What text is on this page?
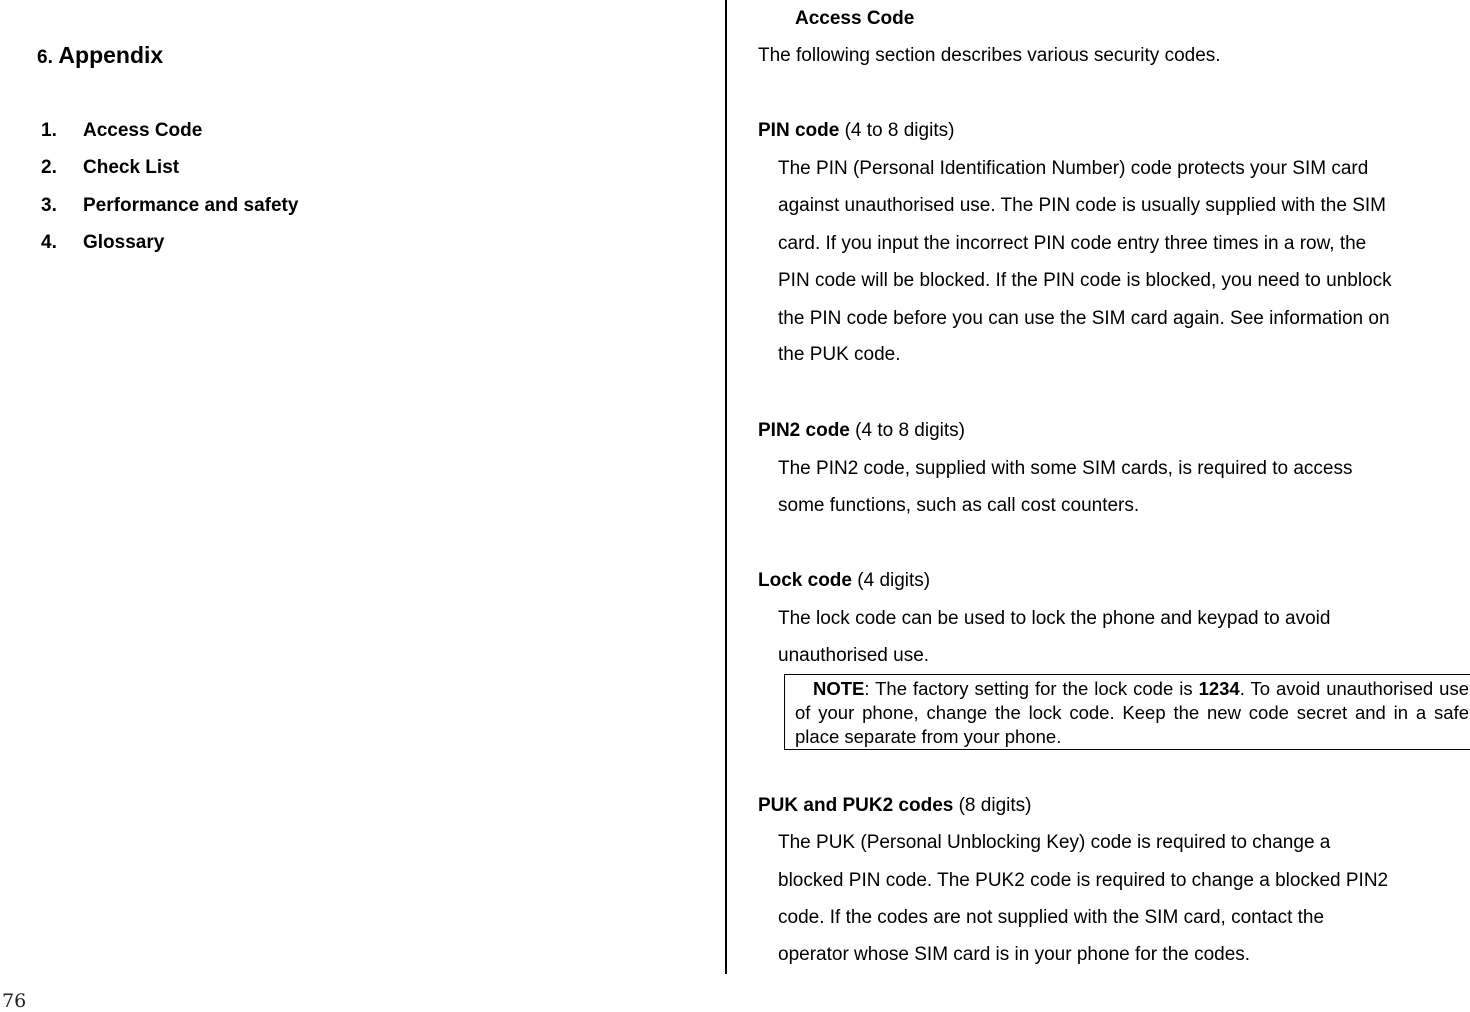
6. Appendix
1. Access Code
2. Check List
3. Performance and safety
4. Glossary
76
Access Code
The following section describes various security codes.
PIN code (4 to 8 digits)
The PIN (Personal Identification Number) code protects your SIM card
against unauthorised use. The PIN code is usually supplied with the SIM
card. If you input the incorrect PIN code entry three times in a row, the
PIN code will be blocked. If the PIN code is blocked, you need to unblock
the PIN code before you can use the SIM card again. See information on
the PUK code.
PIN2 code (4 to 8 digits)
The PIN2 code, supplied with some SIM cards, is required to access
some functions, such as call cost counters.
Lock code (4 digits)
The lock code can be used to lock the phone and keypad to avoid
unauthorised use.
NOTE: The factory setting for the lock code is 1234. To avoid unauthorised use of your phone, change the lock code. Keep the new code secret and in a safe place separate from your phone.
PUK and PUK2 codes (8 digits)
The PUK (Personal Unblocking Key) code is required to change a
blocked PIN code. The PUK2 code is required to change a blocked PIN2
code. If the codes are not supplied with the SIM card, contact the
operator whose SIM card is in your phone for the codes.
